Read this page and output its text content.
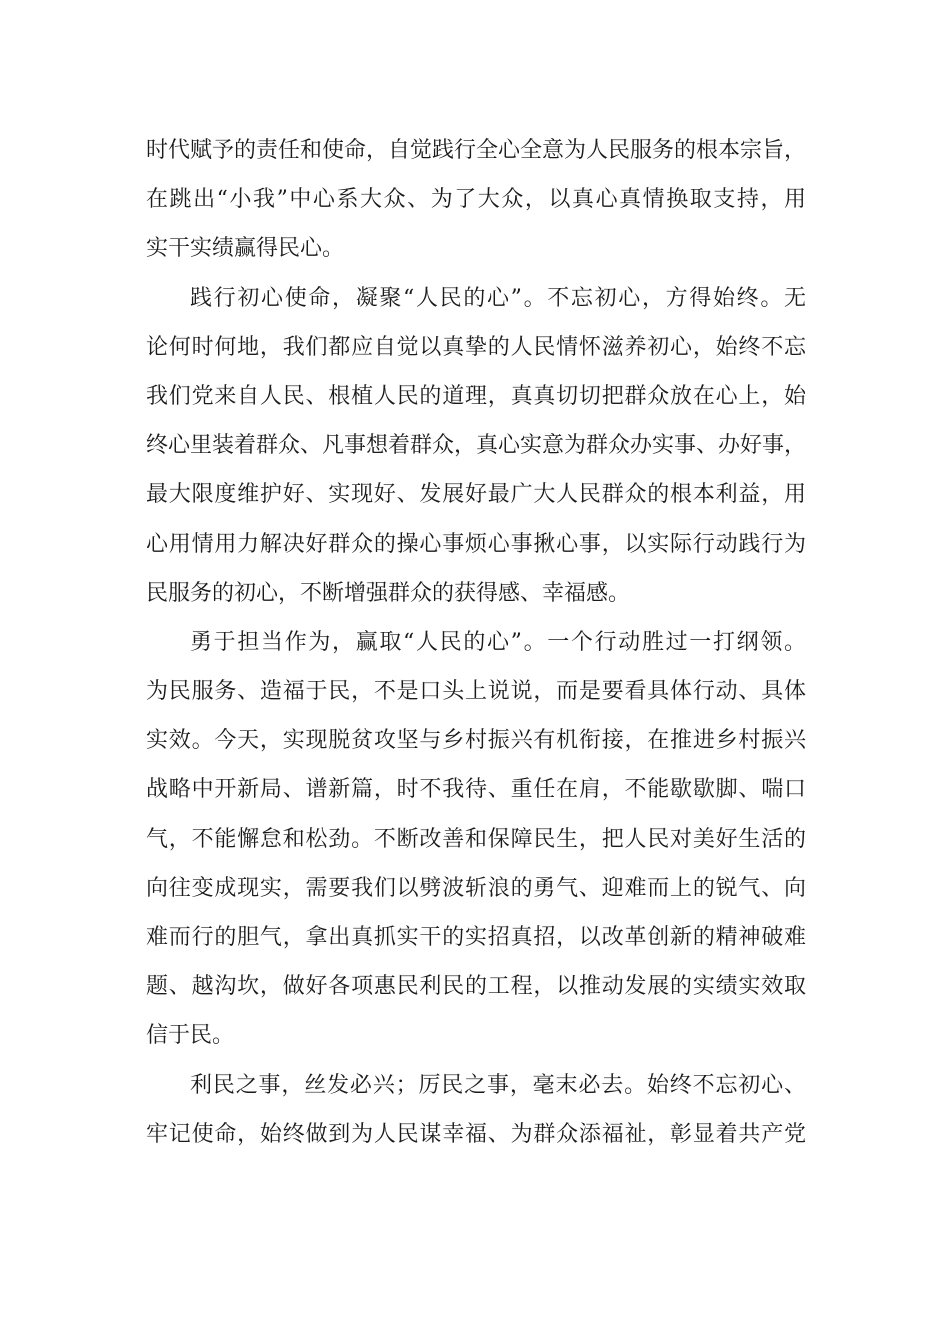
时代赋予的责任和使命，自觉践行全心全意为人民服务的根本宗旨，
在跳出“小我”中心系大众、为了大众，以真心真情换取支持，用
实干实绩赢得民心。
践行初心使命，凝聚“人民的心”。不忘初心，方得始终。无
论何时何地，我们都应自觉以真挚的人民情怀滋养初心，始终不忘
我们党来自人民、根植人民的道理，真真切切把群众放在心上，始
终心里装着群众、凡事想着群众，真心实意为群众办实事、办好事，
最大限度维护好、实现好、发展好最广大人民群众的根本利益，用
心用情用力解决好群众的操心事烦心事揪心事，以实际行动践行为
民服务的初心，不断增强群众的获得感、幸福感。
勇于担当作为，赢取“人民的心”。一个行动胜过一打纲领。
为民服务、造福于民，不是口头上说说，而是要看具体行动、具体
实效。今天，实现脱贫攻坚与乡村振兴有机衔接，在推进乡村振兴
战略中开新局、谱新篇，时不我待、重任在肩，不能歇歇脚、喘口
气，不能懈怠和松劲。不断改善和保障民生，把人民对美好生活的
向往变成现实，需要我们以劈波斩浪的勇气、迎难而上的锐气、向
难而行的胆气，拿出真抓实干的实招真招，以改革创新的精神破难
题、越沟坎，做好各项惠民利民的工程，以推动发展的实绩实效取
信于民。
利民之事，丝发必兴；厉民之事，毫末必去。始终不忘初心、
牢记使命，始终做到为人民谋幸福、为群众添福祉，彰显着共产党
